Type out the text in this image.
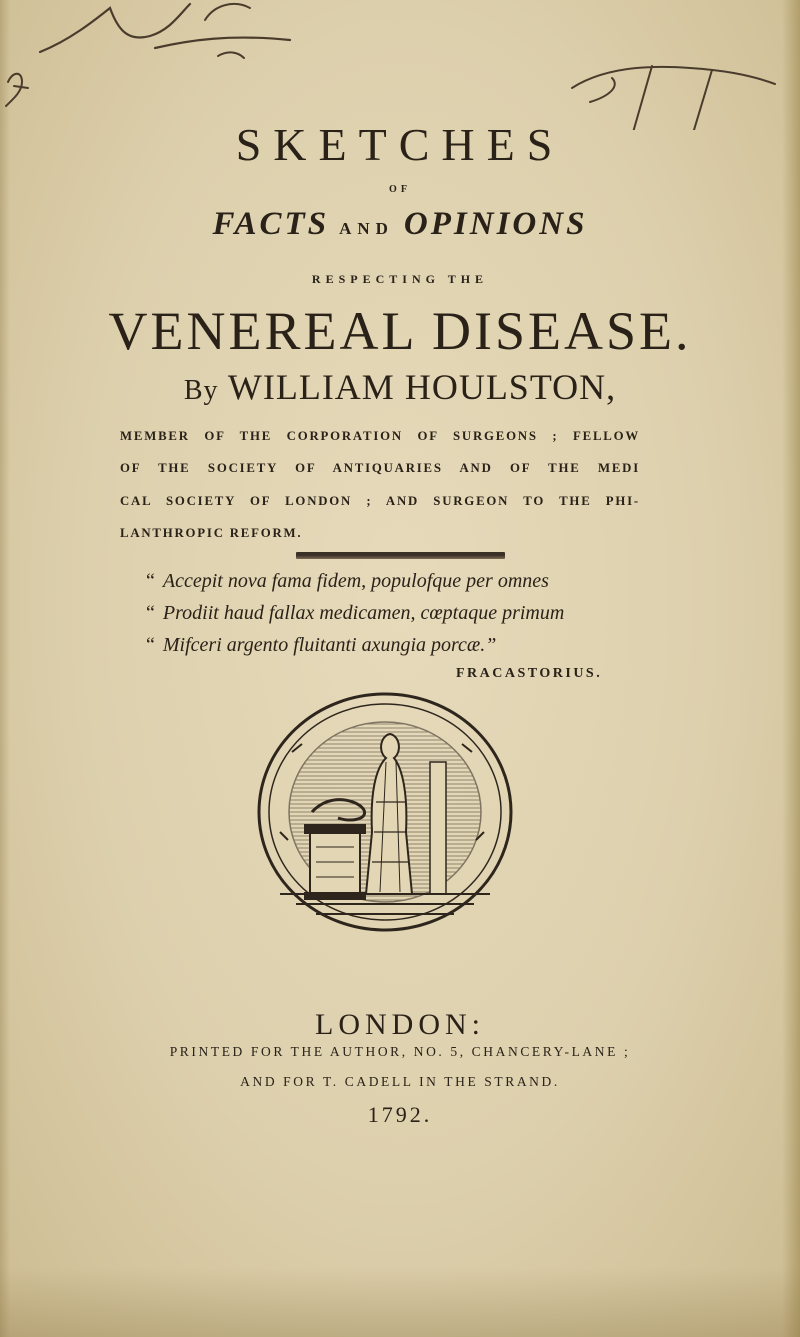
SKETCHES
OF
FACTS AND OPINIONS
RESPECTING THE
VENEREAL DISEASE.
By WILLIAM HOULSTON,
MEMBER OF THE CORPORATION OF SURGEONS ; FELLOW
OF THE SOCIETY OF ANTIQUARIES AND OF THE MEDI
CAL SOCIETY OF LONDON ; AND SURGEON TO THE PHI-
LANTHROPIC REFORM.
“ Accepit nova fama fidem, populofque per omnes
“ Prodiit haud fallax medicamen, cœptaque primum
“ Mifceri argento fluitanti axungia porcæ.”
FRACASTORIUS.
LONDON:
PRINTED FOR THE AUTHOR, NO. 5, CHANCERY-LANE ;
AND FOR T. CADELL IN THE STRAND.
1792.
